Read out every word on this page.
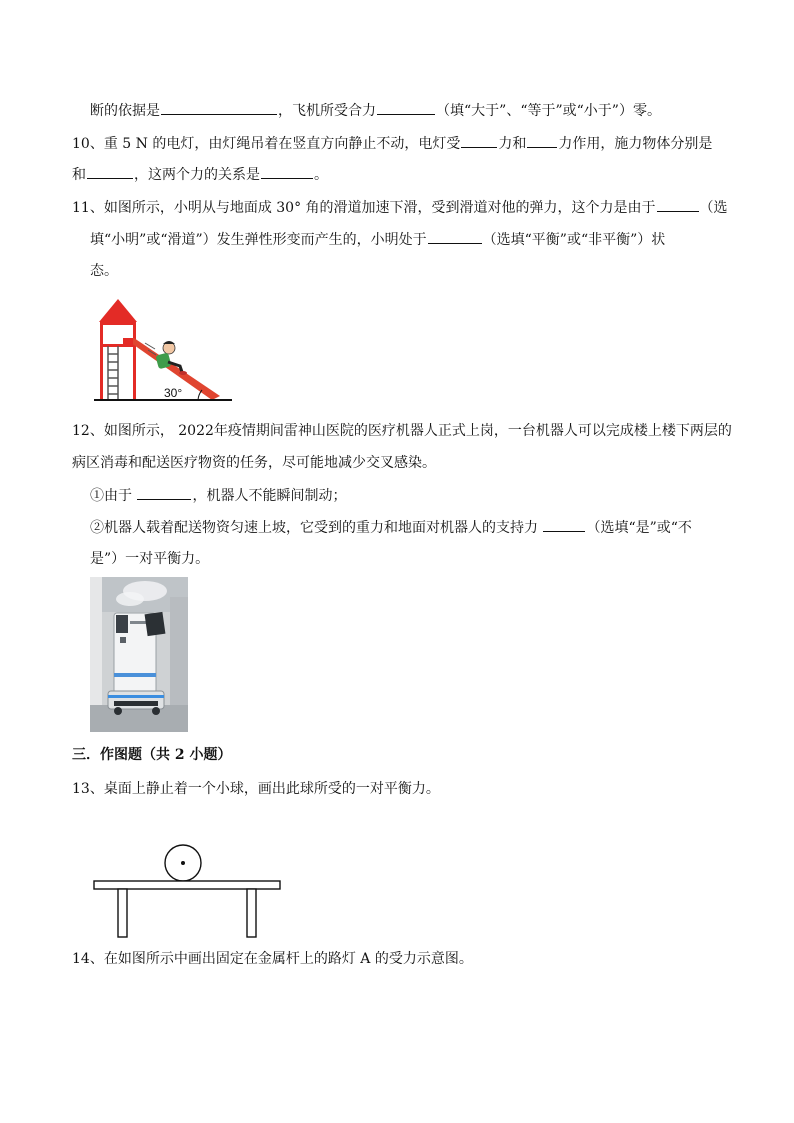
断的依据是	，飞机所受合力	（填“大于”、“等于”或“小于”）零。
10、重 5 N 的电灯，由灯绳吊着在竖直方向静止不动，电灯受	力和 力作用，施力物体分别是
和	，这两个力的关系是	。
11、如图所示，小明从与地面成 30° 角的滑道加速下滑，受到滑道对他的弹力，这个力是由于	（选
填“小明”或“滑道”）发生弹性形变而产生的，小明处于	（选填“平衡”或“非平衡”）状
态。
30°
12、如图所示， 2022年疫情期间雷神山医院的医疗机器人正式上岗，一台机器人可以完成楼上楼下两层的
病区消毒和配送医疗物资的任务，尽可能地减少交叉感染。
①由于	，机器人不能瞬间制动；
②机器人载着配送物资匀速上坡，它受到的重力和地面对机器人的支持力	（选填“是”或“不
是”）一对平衡力。
三．作图题（共 2 小题）
13、桌面上静止着一个小球，画出此球所受的一对平衡力。
14、在如图所示中画出固定在金属杆上的路灯 A 的受力示意图。
